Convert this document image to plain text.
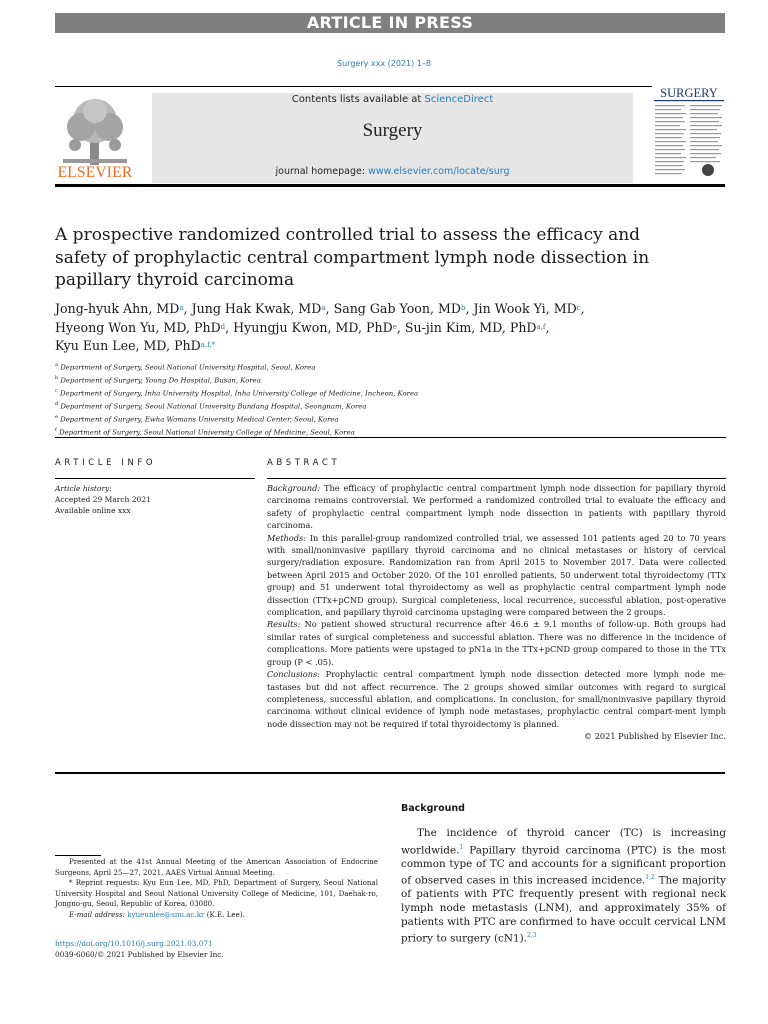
ARTICLE IN PRESS
Surgery xxx (2021) 1–8
ELSEVIER
Contents lists available at ScienceDirect
Surgery
journal homepage: www.elsevier.com/locate/surg
SURGERY
A prospective randomized controlled trial to assess the efficacy and safety of prophylactic central compartment lymph node dissection in papillary thyroid carcinoma
Jong-hyuk Ahn, $MD^a$, Jung Hak Kwak, $MD^a$, Sang Gab Yoon, $MD^b$, Jin Wook Yi, $MD^c$,
Hyeong Won Yu, MD, PhD$^d$, Hyungju Kwon, MD, PhD$^e$, Su-jin Kim, MD, PhD$^{a,f}$,
Kyu Eun Lee, MD, PhD$^{a,f,*}$
$^a$ Department of Surgery, Seoul National University Hospital, Seoul, Korea
$^b$ Department of Surgery, Young Do Hospital, Busan, Korea
$^c$ Department of Surgery, Inha University Hospital, Inha University College of Medicine, Incheon, Korea
$^d$ Department of Surgery, Seoul National University Bundang Hospital, Seongnam, Korea
$^e$ Department of Surgery, Ewha Womans University Medical Center, Seoul, Korea
$^f$ Department of Surgery, Seoul National University College of Medicine, Seoul, Korea
ARTICLE INFO	ABSTRACT
Article history:
Accepted 29 March 2021
Available online xxx

Background: The efficacy of prophylactic central compartment lymph node dissection for papillary thyroid carcinoma remains controversial. We performed a randomized controlled trial to evaluate the efficacy and safety of prophylactic central compartment lymph node dissection in patients with papillary thyroid carcinoma.

Methods: In this parallel-group randomized controlled trial, we assessed 101 patients aged 20 to 70 years with small/noninvasive papillary thyroid carcinoma and no clinical metastases or history of cervical surgery/radiation exposure. Randomization ran from April 2015 to November 2017. Data were collected between April 2015 and October 2020. Of the 101 enrolled patients, 50 underwent total thyroidectomy (TTx group) and 51 underwent total thyroidectomy as well as prophylactic central compartment lymph node dissection (TTx+pCND group). Surgical completeness, local recurrence, successful ablation, post-operative complication, and papillary thyroid carcinoma upstaging were compared between the 2 groups.

Results: No patient showed structural recurrence after 46.6 ± 9.1 months of follow-up. Both groups had similar rates of surgical completeness and successful ablation. There was no difference in the incidence of complications. More patients were upstaged to pN1a in the TTx+pCND group compared to those in the TTx group (P < .05).

Conclusions: Prophylactic central compartment lymph node dissection detected more lymph node me-tastases but did not affect recurrence. The 2 groups showed similar outcomes with regard to surgical completeness, successful ablation, and complications. In conclusion, for small/noninvasive papillary thyroid carcinoma without clinical evidence of lymph node metastases, prophylactic central compart-ment lymph node dissection may not be required if total thyroidectomy is planned.

© 2021 Published by Elsevier Inc.

Background

The incidence of thyroid cancer (TC) is increasing worldwide.$^1$ Papillary thyroid carcinoma (PTC) is the most common type of TC and accounts for a significant proportion of observed cases in this increased incidence.$^{1,2}$ The majority of patients with PTC frequently present with regional neck lymph node metastasis (LNM), and approximately 35% of patients with PTC are confirmed to have occult cervical LNM priory to surgery (cN1).$^{2,3}$

Presented at the 41st Annual Meeting of the American Association of Endocrine Surgeons, April 25—27, 2021, AAES Virtual Annual Meeting.

* Reprint requests: Kyu Eun Lee, MD, PhD, Department of Surgery, Seoul National University Hospital and Seoul National University College of Medicine, 101, Daehak-ro, Jongno-gu, Seoul, Republic of Korea, 03080.

E-mail address: kyueunlee@snu.ac.kr (K.E. Lee).

https://doi.org/10.1016/j.surg.2021.03.071
0039-6060/© 2021 Published by Elsevier Inc.
